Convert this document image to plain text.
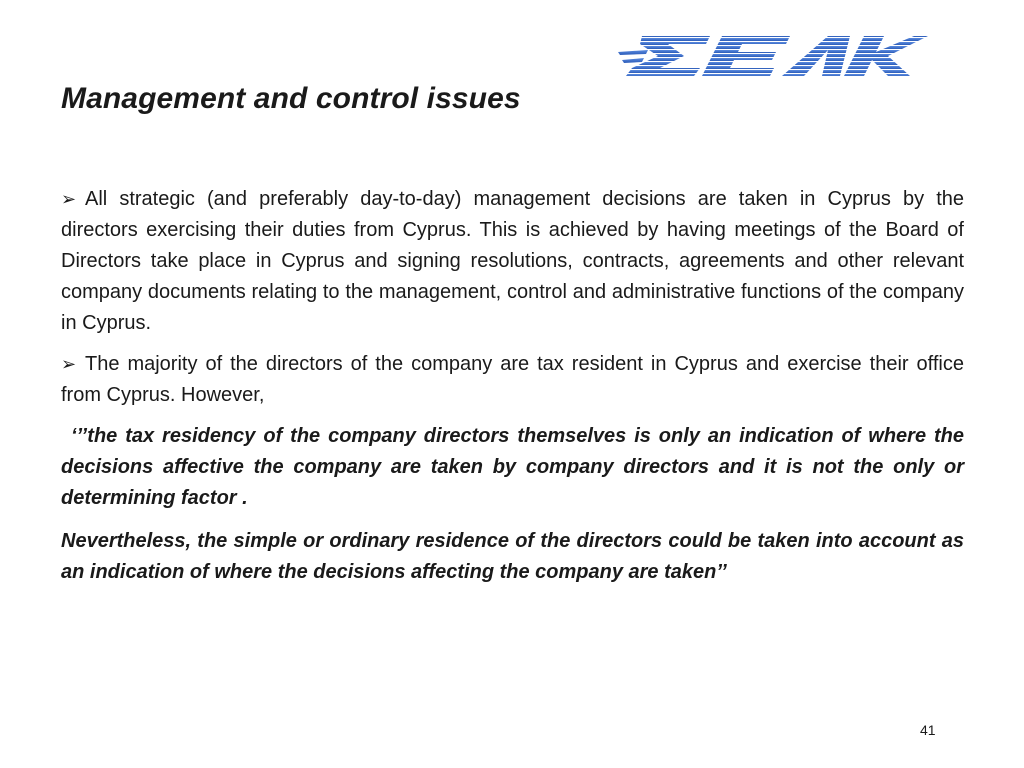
Management and control issues

➢ All strategic (and preferably day-to-day) management decisions are taken in Cyprus by the directors exercising their duties from Cyprus. This is achieved by having meetings of the Board of Directors take place in Cyprus and signing resolutions, contracts, agreements and other relevant company documents relating to the management, control and administrative functions of the company in Cyprus.

➢ The majority of the directors of the company are tax resident in Cyprus and exercise their office from Cyprus. However,

‘’’the tax residency of the company directors themselves is only an indication of where the decisions affective the company are taken by company directors and it is not the only or determining factor .

Nevertheless, the simple or ordinary residence of the directors could be taken into account as an indication of where the decisions affecting the company are taken’’

41
